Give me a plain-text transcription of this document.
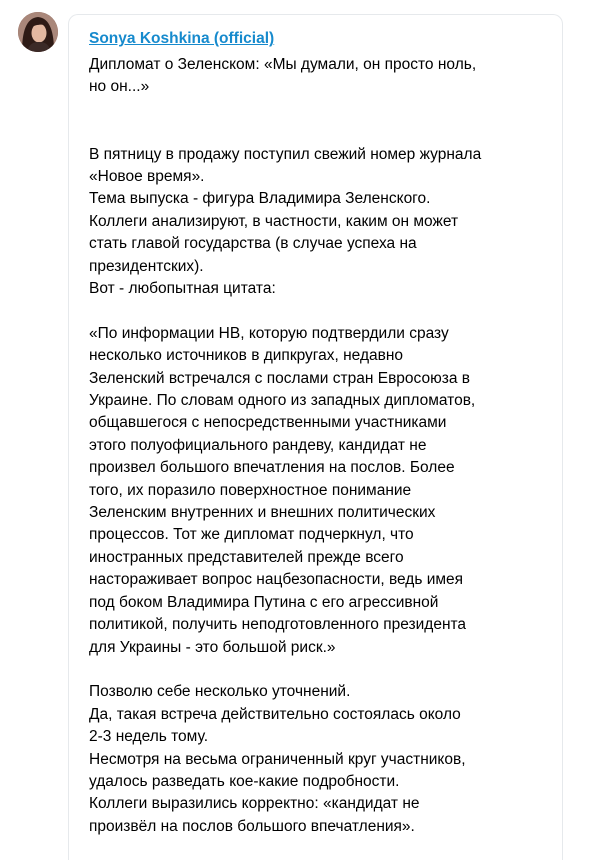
Sonya Koshkina (official)
Дипломат о Зеленском: «Мы думали, он просто ноль,
но он...»
В пятницу в продажу поступил свежий номер журнала
«Новое время».
Тема выпуска - фигура Владимира Зеленского.
Коллеги анализируют, в частности, каким он может
стать главой государства (в случае успеха на
президентских).
Вот - любопытная цитата:
«По информации НВ, которую подтвердили сразу
несколько источников в дипкругах, недавно
Зеленский встречался с послами стран Евросоюза в
Украине. По словам одного из западных дипломатов,
общавшегося с непосредственными участниками
этого полуофициального рандеву, кандидат не
произвел большого впечатления на послов. Более
того, их поразило поверхностное понимание
Зеленским внутренних и внешних политических
процессов. Тот же дипломат подчеркнул, что
иностранных представителей прежде всего
настораживает вопрос нацбезопасности, ведь имея
под боком Владимира Путина с его агрессивной
политикой, получить неподготовленного президента
для Украины - это большой риск.»
Позволю себе несколько уточнений.
Да, такая встреча действительно состоялась около
2-3 недель тому.
Несмотря на весьма ограниченный круг участников,
удалось разведать кое-какие подробности.
Коллеги выразились корректно: «кандидат не
произвёл на послов большого впечатления».
